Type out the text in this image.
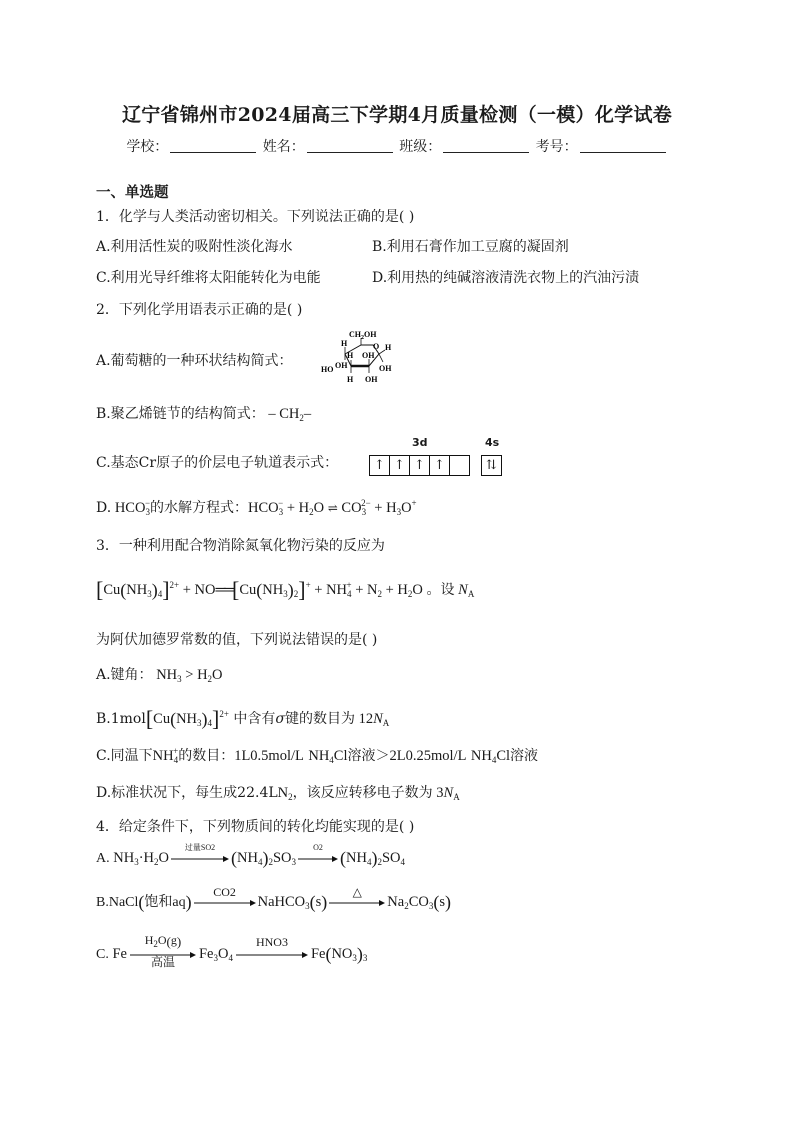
辽宁省锦州市2024届高三下学期4月质量检测（一模）化学试卷
学校：	姓名：	班级：	考号：
一、单选题
1．化学与人类活动密切相关。下列说法正确的是( )
A.利用活性炭的吸附性淡化海水	B.利用石膏作加工豆腐的凝固剂
C.利用光导纤维将太阳能转化为电能	D.利用热的纯碱溶液清洗衣物上的汽油污渍
2．下列化学用语表示正确的是( )
A.葡萄糖的一种环状结构简式：
$CH_2OH$
O
H
OH
H
HO
H
OH
OH
H
OH
B.聚乙烯链节的结构简式： – $CH_2-$
C.基态Cr原子的价层电子轨道表示式：
3d	4s
↑ ↑ ↑ ↑	⇅
D. $HCO_3^-$的水解方程式：$HCO_3^- + H_2O$ ⇌ $CO_3^{2-} + H_3O^+$
3．一种利用配合物消除氮氧化物污染的反应为
$[Cu(NH_3)_4]^{2+}$ + $NO══[Cu(NH_3)_2]^+ + NH_4^+ + N_2 + H_2O$ 。设 $N_A$
为阿伏加德罗常数的值，下列说法错误的是( )
A.键角： $NH_3 > H_2O$
$B.1mol[Cu(NH_3)_4]^{2+}$ 中含有σ键的数目为 $12N_A$
C.同温下$NH_4^+$的数目：1L0.5mol/L $NH_4Cl$溶液＞2L0.25mol/L $NH_4Cl$溶液
D.标准状况下，每生成$22.4LN_2$，该反应转移电子数为 $3N_A$
4．给定条件下，下列物质间的转化均能实现的是( )
A. $NH_3\cdot H_2O$
过量SO2
$(NH_4)_2SO_3$
O2
$(NH_4)_2SO_4$
B.NaCl(饱和aq)
CO2
NaHCO$_3$(s)
△
$Na_2CO_3(s)$
C. Fe
$H_2O(g)$
高温	$Fe_3O_4$
HNO3
$Fe(NO_3)_3$
